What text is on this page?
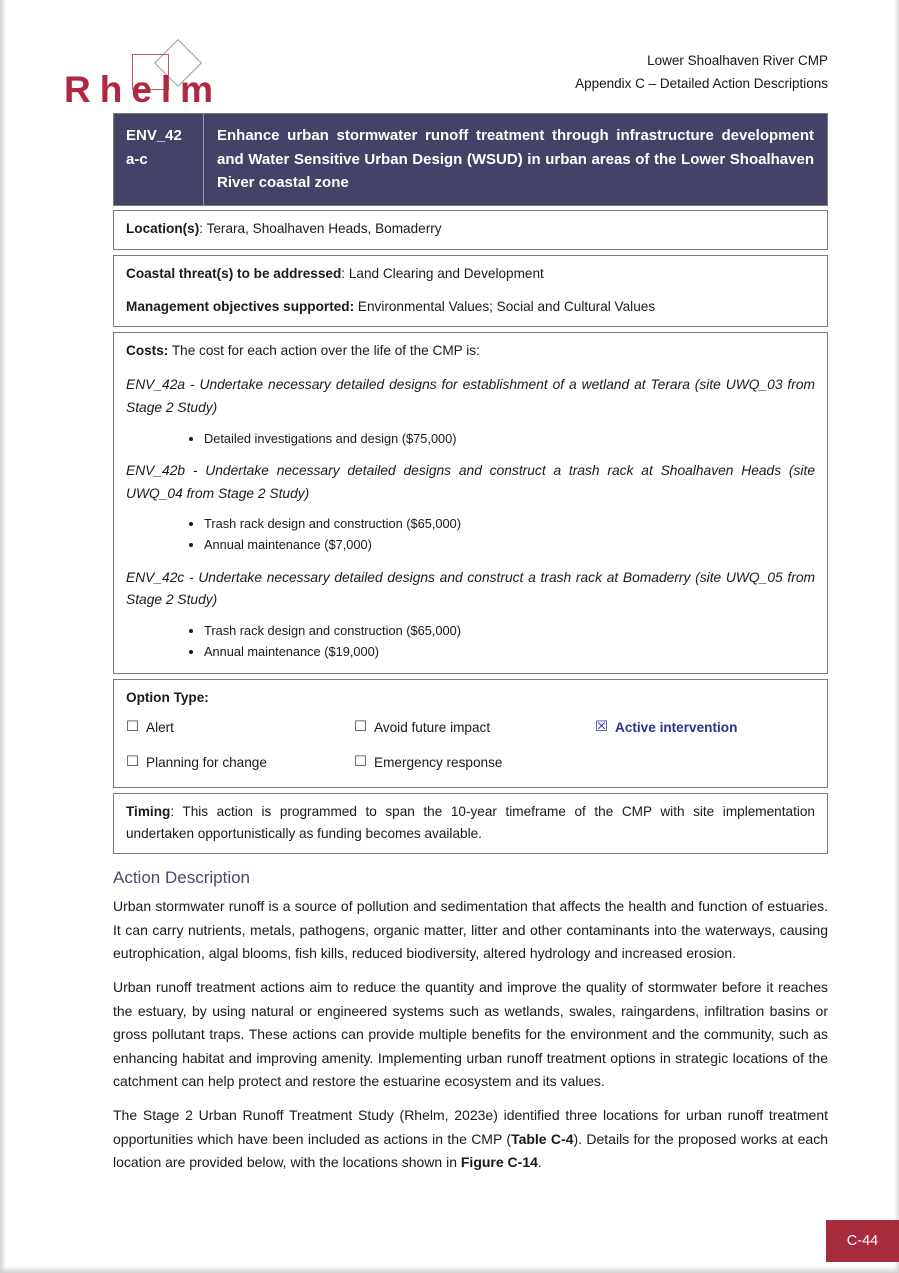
Rhelm
Lower Shoalhaven River CMP
Appendix C – Detailed Action Descriptions
ENV_42
a-c
Enhance urban stormwater runoff treatment through infrastructure development and Water Sensitive Urban Design (WSUD) in urban areas of the Lower Shoalhaven River coastal zone
Location(s): Terara, Shoalhaven Heads, Bomaderry

Coastal threat(s) to be addressed: Land Clearing and Development

Management objectives supported: Environmental Values; Social and Cultural Values

Costs: The cost for each action over the life of the CMP is:

ENV_42a - Undertake necessary detailed designs for establishment of a wetland at Terara (site UWQ_03 from Stage 2 Study)

• Detailed investigations and design ($75,000)

ENV_42b - Undertake necessary detailed designs and construct a trash rack at Shoalhaven Heads (site UWQ_04 from Stage 2 Study)

• Trash rack design and construction ($65,000)
• Annual maintenance ($7,000)

ENV_42c - Undertake necessary detailed designs and construct a trash rack at Bomaderry (site UWQ_05 from Stage 2 Study)

• Trash rack design and construction ($65,000)
• Annual maintenance ($19,000)

Option Type:

☐ Alert	☐ Avoid future impact	☒ Active intervention
☐ Planning for change	☐ Emergency response

Timing: This action is programmed to span the 10-year timeframe of the CMP with site implementation undertaken opportunistically as funding becomes available.

Action Description

Urban stormwater runoff is a source of pollution and sedimentation that affects the health and function of estuaries. It can carry nutrients, metals, pathogens, organic matter, litter and other contaminants into the waterways, causing eutrophication, algal blooms, fish kills, reduced biodiversity, altered hydrology and increased erosion.

Urban runoff treatment actions aim to reduce the quantity and improve the quality of stormwater before it reaches the estuary, by using natural or engineered systems such as wetlands, swales, raingardens, infiltration basins or gross pollutant traps. These actions can provide multiple benefits for the environment and the community, such as enhancing habitat and improving amenity. Implementing urban runoff treatment options in strategic locations of the catchment can help protect and restore the estuarine ecosystem and its values.

The Stage 2 Urban Runoff Treatment Study (Rhelm, 2023e) identified three locations for urban runoff treatment opportunities which have been included as actions in the CMP (Table C-4). Details for the proposed works at each location are provided below, with the locations shown in Figure C-14.

C-44
